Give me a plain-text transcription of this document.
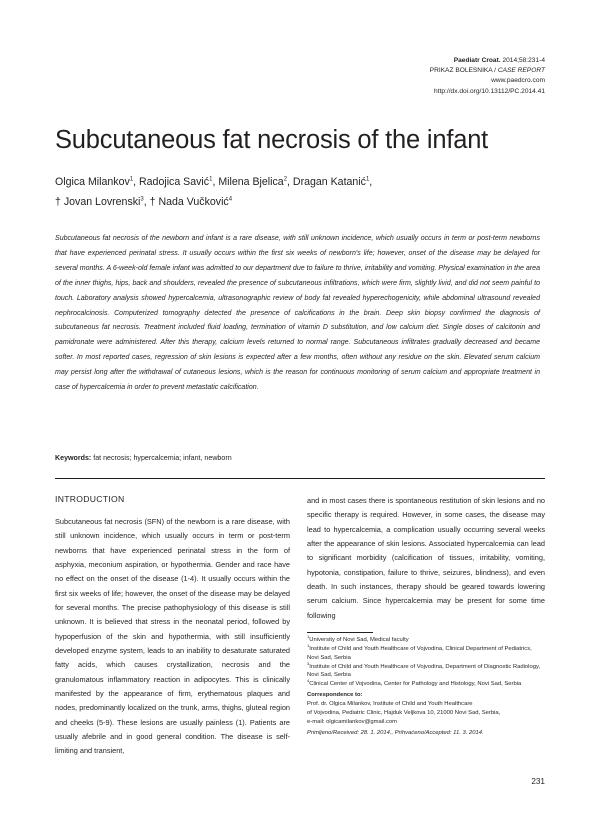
Paediatr Croat. 2014;58:231-4
PRIKAZ BOLESNIKA / CASE REPORT
www.paedcro.com
http://dx.doi.org/10.13112/PC.2014.41
Subcutaneous fat necrosis of the infant
Olgica Milankov$^1$, Radojica Savić$^1$, Milena Bjelica$^2$, Dragan Katanić$^1$,
† Jovan Lovrenski$^3$, † Nada Vučković$^4$

Subcutaneous fat necrosis of the newborn and infant is a rare disease, with still unknown incidence, which usually occurs in term or post-term newborns that have experienced perinatal stress. It usually occurs within the first six weeks of newborn's life; however, onset of the disease may be delayed for several months. A 6-week-old female infant was admitted to our department due to failure to thrive, irritability and vomiting. Physical examination in the area of the inner thighs, hips, back and shoulders, revealed the presence of subcutaneous infiltrations, which were firm, slightly livid, and did not seem painful to touch. Laboratory analysis showed hypercalcemia, ultrasonographic review of body fat revealed hyperechogenicity, while abdominal ultrasound revealed nephrocalcinosis. Computerized tomography detected the presence of calcifications in the brain. Deep skin biopsy confirmed the diagnosis of subcutaneous fat necrosis. Treatment included fluid loading, termination of vitamin D substitution, and low calcium diet. Single doses of calcitonin and pamidronate were administered. After this therapy, calcium levels returned to normal range. Subcutaneous infiltrates gradually decreased and became softer. In most reported cases, regression of skin lesions is expected after a few months, often without any residue on the skin. Elevated serum calcium may persist long after the withdrawal of cutaneous lesions, which is the reason for continuous monitoring of serum calcium and appropriate treatment in case of hypercalcemia in order to prevent metastatic calcification.

Keywords: fat necrosis; hypercalcemia; infant, newborn
INTRODUCTION

Subcutaneous fat necrosis (SFN) of the newborn is a rare disease, with still unknown incidence, which usually occurs in term or post-term newborns that have experienced perinatal stress in the form of asphyxia, meconium aspiration, or hypothermia. Gender and race have no effect on the onset of the disease (1-4). It usually occurs within the first six weeks of life; however, the onset of the disease may be delayed for several months. The precise pathophysiology of this disease is still unknown. It is believed that stress in the neonatal period, followed by hypoperfusion of the skin and hypothermia, with still insufficiently developed enzyme system, leads to an inability to desaturate saturated fatty acids, which causes crystallization, necrosis and the granulomatous inflammatory reaction in adipocytes. This is clinically manifested by the appearance of firm, erythematous plaques and nodes, predominantly localized on the trunk, arms, thighs, gluteal region and cheeks (5-9). These lesions are usually painless (1). Patients are usually afebrile and in good general condition. The disease is self-limiting and transient,

and in most cases there is spontaneous restitution of skin lesions and no specific therapy is required. However, in some cases, the disease may lead to hypercalcemia, a complication usually occurring several weeks after the appearance of skin lesions. Associated hypercalcemia can lead to significant morbidity (calcification of tissues, irritability, vomiting, hypotonia, constipation, failure to thrive, seizures, blindness), and even death. In such instances, therapy should be geared towards lowering serum calcium. Since hypercalcemia may be present for some time following

$^1$University of Novi Sad, Medical faculty

$^1$Institute of Child and Youth Healthcare of Vojvodina, Clinical Department of Pediatrics, Novi Sad, Serbia

$^3$Institute of Child and Youth Healthcare of Vojvodina, Department of Diagnostic Radiology, Novi Sad, Serbia

$^4$Clinical Center of Vojvodina, Center for Pathology and Histology, Novi Sad, Serbia

Correspondence to:
Prof. dr. Olgica Milankov, Institute of Child and Youth Healthcare
of Vojvodina, Pediatric Clinic, Hajduk Veljkova 10, 21000 Novi Sad, Serbia,
e-mail: olgicamilankov@gmail.com
Primljeno/Received: 28. 1. 2014., Prihvaćeno/Accepted: 11. 3. 2014.
231
